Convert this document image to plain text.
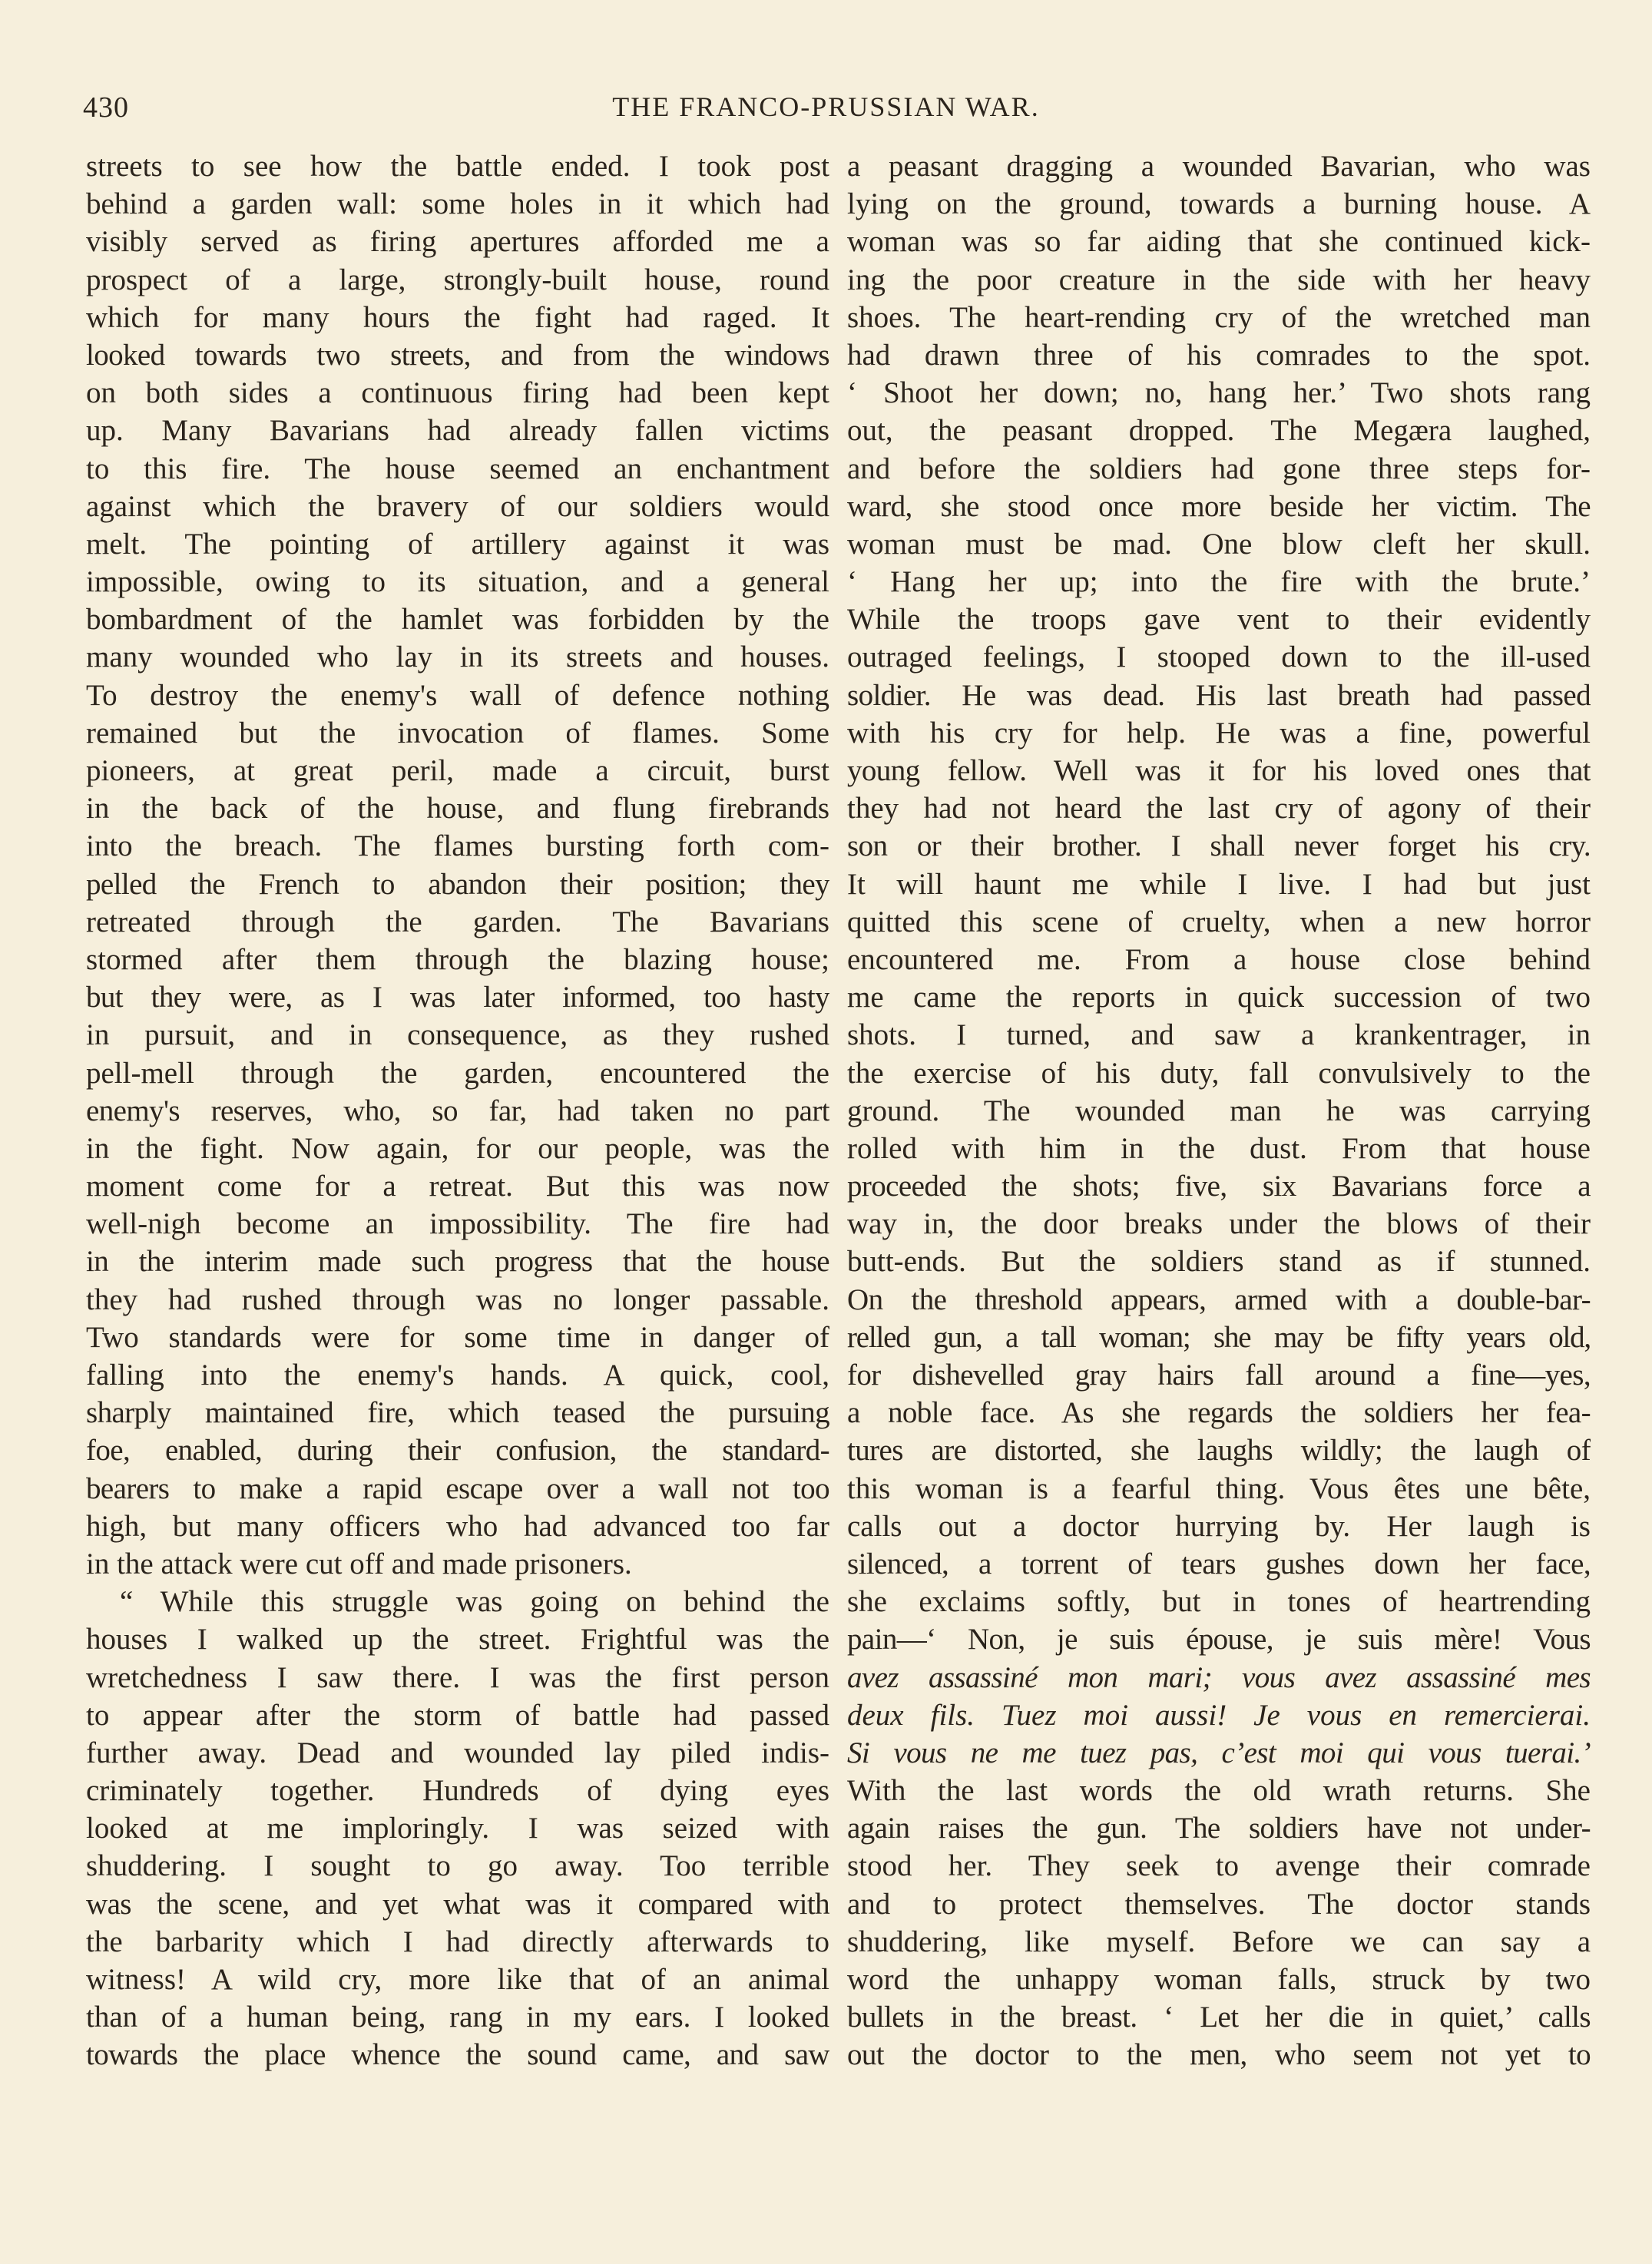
430	THE FRANCO-PRUSSIAN WAR.
streets to see how the battle ended. I took post
behind a garden wall: some holes in it which had
visibly served as firing apertures afforded me a
prospect of a large, strongly-built house, round
which for many hours the fight had raged. It
looked towards two streets, and from the windows
on both sides a continuous firing had been kept
up. Many Bavarians had already fallen victims
to this fire. The house seemed an enchantment
against which the bravery of our soldiers would
melt. The pointing of artillery against it was
impossible, owing to its situation, and a general
bombardment of the hamlet was forbidden by the
many wounded who lay in its streets and houses.
To destroy the enemy's wall of defence nothing
remained but the invocation of flames. Some
pioneers, at great peril, made a circuit, burst
in the back of the house, and flung firebrands
into the breach. The flames bursting forth com-
pelled the French to abandon their position; they
retreated through the garden. The Bavarians
stormed after them through the blazing house;
but they were, as I was later informed, too hasty
in pursuit, and in consequence, as they rushed
pell-mell through the garden, encountered the
enemy's reserves, who, so far, had taken no part
in the fight. Now again, for our people, was the
moment come for a retreat. But this was now
well-nigh become an impossibility. The fire had
in the interim made such progress that the house
they had rushed through was no longer passable.
Two standards were for some time in danger of
falling into the enemy's hands. A quick, cool,
sharply maintained fire, which teased the pursuing
foe, enabled, during their confusion, the standard-
bearers to make a rapid escape over a wall not too
high, but many officers who had advanced too far
in the attack were cut off and made prisoners.
“ While this struggle was going on behind the
houses I walked up the street. Frightful was the
wretchedness I saw there. I was the first person
to appear after the storm of battle had passed
further away. Dead and wounded lay piled indis-
criminately together. Hundreds of dying eyes
looked at me imploringly. I was seized with
shuddering. I sought to go away. Too terrible
was the scene, and yet what was it compared with
the barbarity which I had directly afterwards to
witness! A wild cry, more like that of an animal
than of a human being, rang in my ears. I looked
towards the place whence the sound came, and saw
a peasant dragging a wounded Bavarian, who was
lying on the ground, towards a burning house. A
woman was so far aiding that she continued kick-
ing the poor creature in the side with her heavy
shoes. The heart-rending cry of the wretched man
had drawn three of his comrades to the spot.
‘ Shoot her down; no, hang her.’ Two shots rang
out, the peasant dropped. The Megæra laughed,
and before the soldiers had gone three steps for-
ward, she stood once more beside her victim. The
woman must be mad. One blow cleft her skull.
‘ Hang her up; into the fire with the brute.’
While the troops gave vent to their evidently
outraged feelings, I stooped down to the ill-used
soldier. He was dead. His last breath had passed
with his cry for help. He was a fine, powerful
young fellow. Well was it for his loved ones that
they had not heard the last cry of agony of their
son or their brother. I shall never forget his cry.
It will haunt me while I live. I had but just
quitted this scene of cruelty, when a new horror
encountered me. From a house close behind
me came the reports in quick succession of two
shots. I turned, and saw a krankentrager, in
the exercise of his duty, fall convulsively to the
ground. The wounded man he was carrying
rolled with him in the dust. From that house
proceeded the shots; five, six Bavarians force a
way in, the door breaks under the blows of their
butt-ends. But the soldiers stand as if stunned.
On the threshold appears, armed with a double-bar-
relled gun, a tall woman; she may be fifty years old,
for dishevelled gray hairs fall around a fine—yes,
a noble face. As she regards the soldiers her fea-
tures are distorted, she laughs wildly; the laugh of
this woman is a fearful thing. Vous êtes une bête,
calls out a doctor hurrying by. Her laugh is
silenced, a torrent of tears gushes down her face,
she exclaims softly, but in tones of heartrending
pain—‘ Non, je suis épouse, je suis mère! Vous
avez assassiné mon mari; vous avez assassiné mes
deux fils. Tuez moi aussi! Je vous en remercierai.
Si vous ne me tuez pas, c’est moi qui vous tuerai.’
With the last words the old wrath returns. She
again raises the gun. The soldiers have not under-
stood her. They seek to avenge their comrade
and to protect themselves. The doctor stands
shuddering, like myself. Before we can say a
word the unhappy woman falls, struck by two
bullets in the breast. ‘ Let her die in quiet,’ calls
out the doctor to the men, who seem not yet to
